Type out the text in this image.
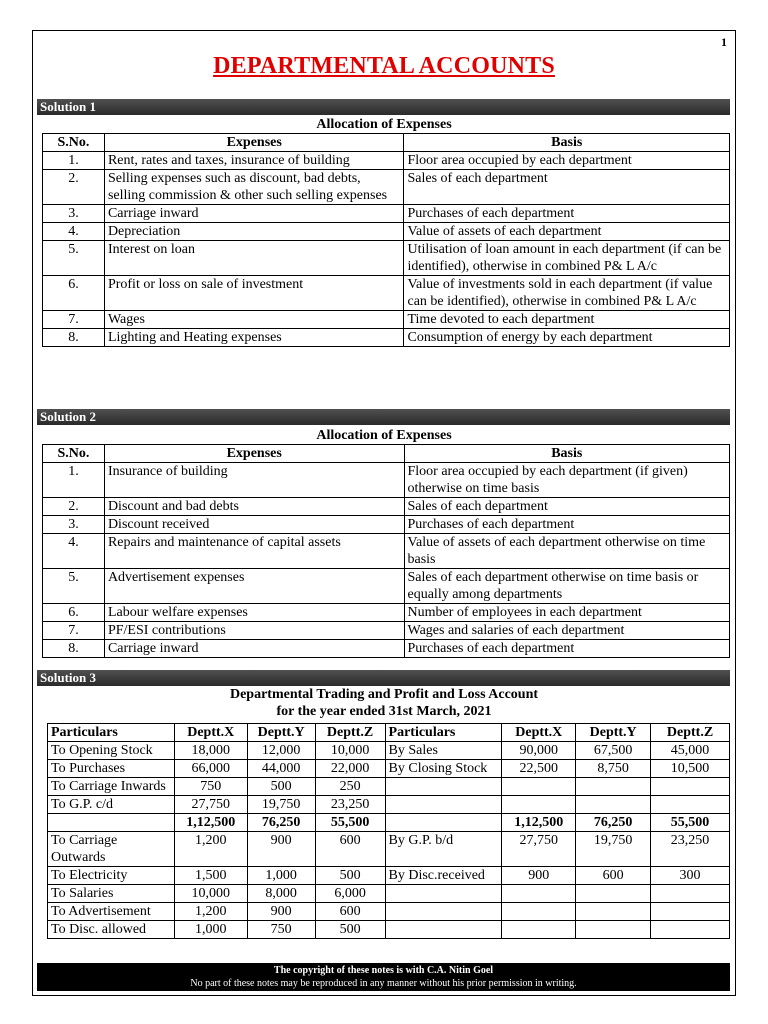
1
DEPARTMENTAL ACCOUNTS
Solution 1
Allocation of Expenses
S.No.	Expenses	Basis
1.	Rent, rates and taxes, insurance of building	Floor area occupied by each department
2.	Selling expenses such as discount, bad debts, selling commission & other such selling expenses	Sales of each department
3.	Carriage inward	Purchases of each department
4.	Depreciation	Value of assets of each department
5.	Interest on loan	Utilisation of loan amount in each department (if can be identified), otherwise in combined P& L A/c
6.	Profit or loss on sale of investment	Value of investments sold in each department (if value can be identified), otherwise in combined P& L A/c
7.	Wages	Time devoted to each department
8.	Lighting and Heating expenses	Consumption of energy by each department
Solution 2
Allocation of Expenses
S.No.	Expenses	Basis
1.	Insurance of building	Floor area occupied by each department (if given) otherwise on time basis
2.	Discount and bad debts	Sales of each department
3.	Discount received	Purchases of each department
4.	Repairs and maintenance of capital assets	Value of assets of each department otherwise on time basis
5.	Advertisement expenses	Sales of each department otherwise on time basis or equally among departments
6.	Labour welfare expenses	Number of employees in each department
7.	PF/ESI contributions	Wages and salaries of each department
8.	Carriage inward	Purchases of each department
Solution 3
Departmental Trading and Profit and Loss Account
for the year ended 31st March, 2021
Particulars	Deptt.X	Deptt.Y	Deptt.Z	Particulars	Deptt.X	Deptt.Y	Deptt.Z
To Opening Stock	18,000	12,000	10,000	By Sales	90,000	67,500	45,000
To Purchases	66,000	44,000	22,000	By Closing Stock	22,500	8,750	10,500
To Carriage Inwards	750	500	250				
To G.P. c/d	27,750	19,750	23,250				
	1,12,500	76,250	55,500		1,12,500	76,250	55,500
To Carriage Outwards	1,200	900	600	By G.P. b/d	27,750	19,750	23,250
To Electricity	1,500	1,000	500	By Disc.received	900	600	300
To Salaries	10,000	8,000	6,000				
To Advertisement	1,200	900	600				
To Disc. allowed	1,000	750	500				
The copyright of these notes is with C.A. Nitin Goel
No part of these notes may be reproduced in any manner without his prior permission in writing.
